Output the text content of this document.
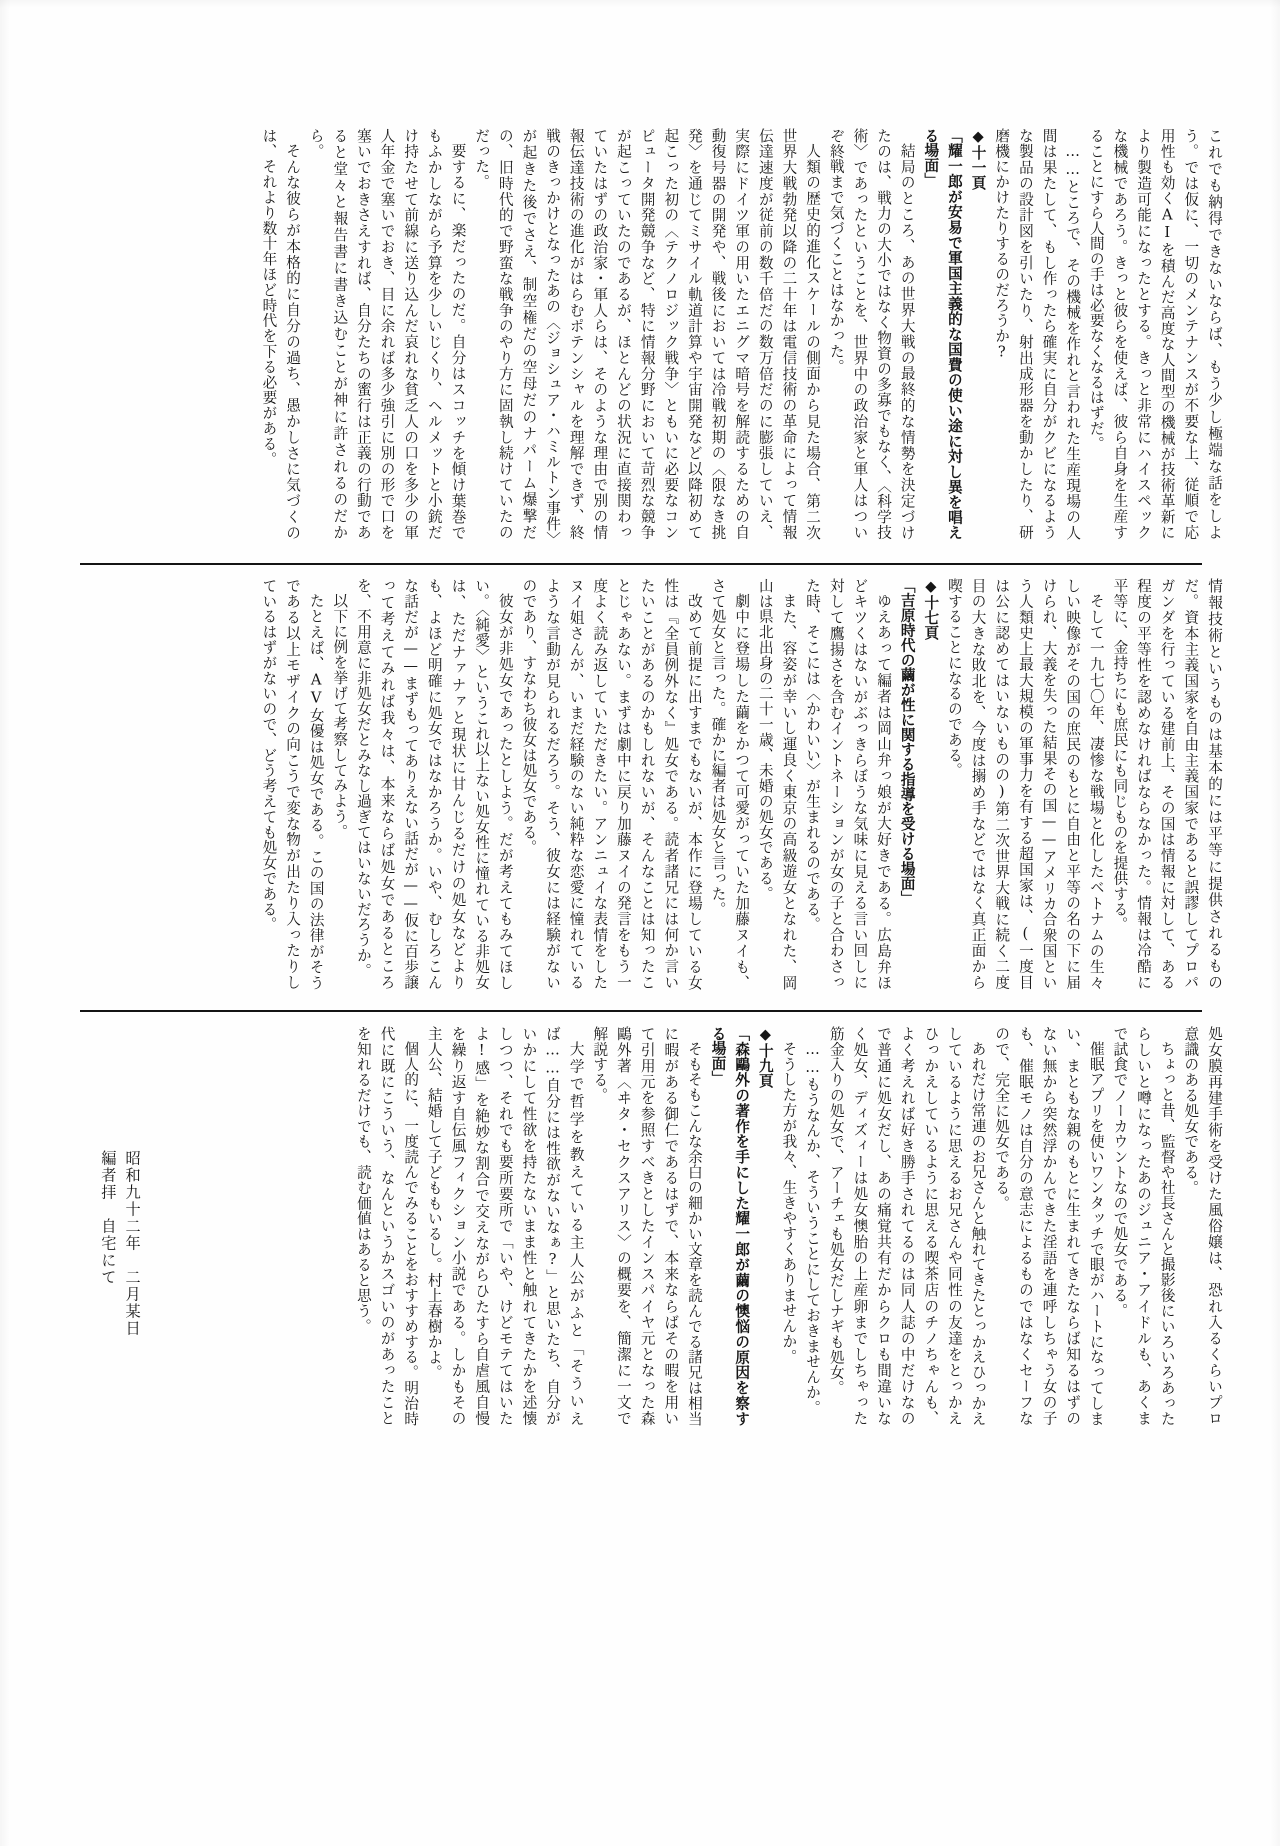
これでも納得できないならば、もう少し極端な話をしよう。では仮に、一切のメンテナンスが不要な上、従順で応用性も効くAIを積んだ高度な人間型の機械が技術革新により製造可能になったとする。きっと非常にハイスペックな機械であろう。きっと彼らを使えば、彼ら自身を生産することにすら人間の手は必要なくなるはずだ。

……ところで、その機械を作れと言われた生産現場の人間は果たして、もし作ったら確実に自分がクビになるような製品の設計図を引いたり、射出成形器を動かしたり、研磨機にかけたりするのだろうか?

◆十一頁
「耀一郎が安易で軍国主義的な国費の使い途に対し異を唱える場面」

結局のところ、あの世界大戦の最終的な情勢を決定づけたのは、戦力の大小ではなく物資の多寡でもなく、〈科学技術〉であったということを、世界中の政治家と軍人はついぞ終戦まで気づくことはなかった。

人類の歴史的進化スケールの側面から見た場合、第二次世界大戦勃発以降の二十年は電信技術の革命によって情報伝達速度が従前の数千倍だの数万倍だのに膨張していえ、実際にドイツ軍の用いたエニグマ暗号を解読するための自動復号器の開発や、戦後においては冷戦初期の〈限なき挑発〉を通じてミサイル軌道計算や宇宙開発など以降初めて起こった初の〈テクノロジック戦争〉ともいに必要なコンピュータ開発競争など、特に情報分野において苛烈な競争が起こっていたのであるが、ほとんどの状況に直接関わっていたはずの政治家・軍人らは、そのような理由で別の情報伝達技術の進化がはらむポテンシャルを理解できず、終戦のきっかけとなったあの〈ジョシュア・ハミルトン事件〉が起きた後でさえ、制空権だの空母だのナパーム爆撃だの、旧時代的で野蛮な戦争のやり方に固執し続けていたのだった。

要するに、楽だったのだ。自分はスコッチを傾け葉巻でもふかしながら予算を少しいじくり、ヘルメットと小銃だけ持たせて前線に送り込んだ哀れな貧乏人の口を多少の軍人年金で塞いでおき、目に余れば多少強引に別の形で口を塞いでおきさえすれば、自分たちの蜜行は正義の行動であると堂々と報告書に書き込むことが神に許されるのだから。

そんな彼らが本格的に自分の過ち、愚かしさに気づくのは、それより数十年ほど時代を下る必要がある。

情報技術というものは基本的には平等に提供されるものだ。資本主義国家を自由主義国家であると誤謬してプロパガンダを行っている建前上、その国は情報に対して、ある程度の平等性を認めなければならなかった。情報は冷酷に平等に、金持ちにも庶民にも同じものを提供する。

そして一九七〇年、凄惨な戦場と化したベトナムの生々しい映像がその国の庶民のもとに自由と平等の名の下に届けられ、大義を失った結果その国——アメリカ合衆国という人類史上最大規模の軍事力を有する超国家は、(一度目は公に認めてはいないものの)第二次世界大戦に続く二度目の大きな敗北を、今度は搦め手などではなく真正面から喫することになるのである。

◆十七頁
「吉原時代の繭が性に関する指導を受ける場面」

ゆえあって編者は岡山弁っ娘が大好きである。広島弁ほどキツくはないがぶっきらぼうな気味に見える言い回しに対して鷹揚さを含むイントネーションが女の子と合わさった時、そこには〈かわいい〉が生まれるのである。

また、容姿が幸いし運良く東京の高級遊女となれた、岡山は県北出身の二十一歳、未婚の処女である。

劇中に登場した繭をかつて可愛がっていた加藤ヌイも、さて処女と言った。確かに編者は処女と言った。

改めて前提に出すまでもないが、本作に登場している女性は『全員例外なく』処女である。読者諸兄には何か言いたいことがあるのかもしれないが、そんなことは知ったことじゃあない。まずは劇中に戻り加藤ヌイの発言をもう一度よく読み返していただきたい。アンニュイな表情をしたヌイ姐さんが、いまだ経験のない純粋な恋愛に憧れているような言動が見られるだろう。そう、彼女には経験がないのであり、すなわち彼女は処女である。

彼女が非処女であったとしよう。だが考えてもみてほしい。〈純愛〉というこれ以上ない処女性に憧れている非処女は、ただナァナァと現状に甘んじるだけの処女などよりも、よほど明確に処女ではなかろうか。いや、むしろこんな話だが——まずもってありえない話だが——仮に百歩譲って考えてみれば我々は、本来ならば処女であるところを、不用意に非処女だとみなし過ぎてはいないだろうか。

以下に例を挙げて考察してみよう。

たとえば、AV女優は処女である。この国の法律がそうである以上モザイクの向こうで変な物が出たり入ったりしているはずがないので、どう考えても処女である。

処女膜再建手術を受けた風俗嬢は、恐れ入るくらいプロ意識のある処女である。

ちょっと昔、監督や社長さんと撮影後にいろいろあったらしいと噂になったあのジュニア・アイドルも、あくまで試食でノーカウントなので処女である。

催眠アプリを使いワンタッチで眼がハートになってしまい、まともな親のもとに生まれてきたならば知るはずのない無から突然浮かんできた淫語を連呼しちゃう女の子も、催眠モノは自分の意志によるものではなくセーフなので、完全に処女である。

あれだけ常連のお兄さんと触れてきたとっかえひっかえしているように思えるお兄さんや同性の友達をとっかえひっかえしているように思える喫茶店のチノちゃんも、よく考えれば好き勝手されてるのは同人誌の中だけなので普通に処女だし、あの痛覚共有だからクロも間違いなく処女、ディズィーは処女懊胎の上産卵までしちゃった筋金入りの処女で、アーチェも処女だしナギも処女。

……もうなんか、そういうことにしておきませんか。

そうした方が我々、生きやすくありませんか。

◆十九頁
「森鷗外の著作を手にした耀一郎が繭の懊悩の原因を察する場面」

そもそもこんな余白の細かい文章を読んでる諸兄は相当に暇がある御仁であるはずで、本来ならばその暇を用いて引用元を参照すべきとしたインスパイヤ元となった森鷗外著〈ヰタ・セクスアリス〉の概要を、簡潔に一文で解説する。

大学で哲学を教えている主人公がふと「そういえば……自分には性欲がないなぁ?」と思いたち、自分がいかにして性欲を持たないまま性と触れてきたかを述懐しつつ、それでも要所要所で「いや、けどモテてはいたよ!感」を絶妙な割合で交えながらひたすら自虐風自慢を繰り返す自伝風フィクション小説である。しかもその主人公、結婚して子どももいるし。村上春樹かよ。

個人的に、一度読んでみることをおすすめする。明治時代に既にこういう、なんというかスゴいのがあったことを知れるだけでも、読む価値はあると思う。

昭和九十二年　二月某日

編者拝　自宅にて
